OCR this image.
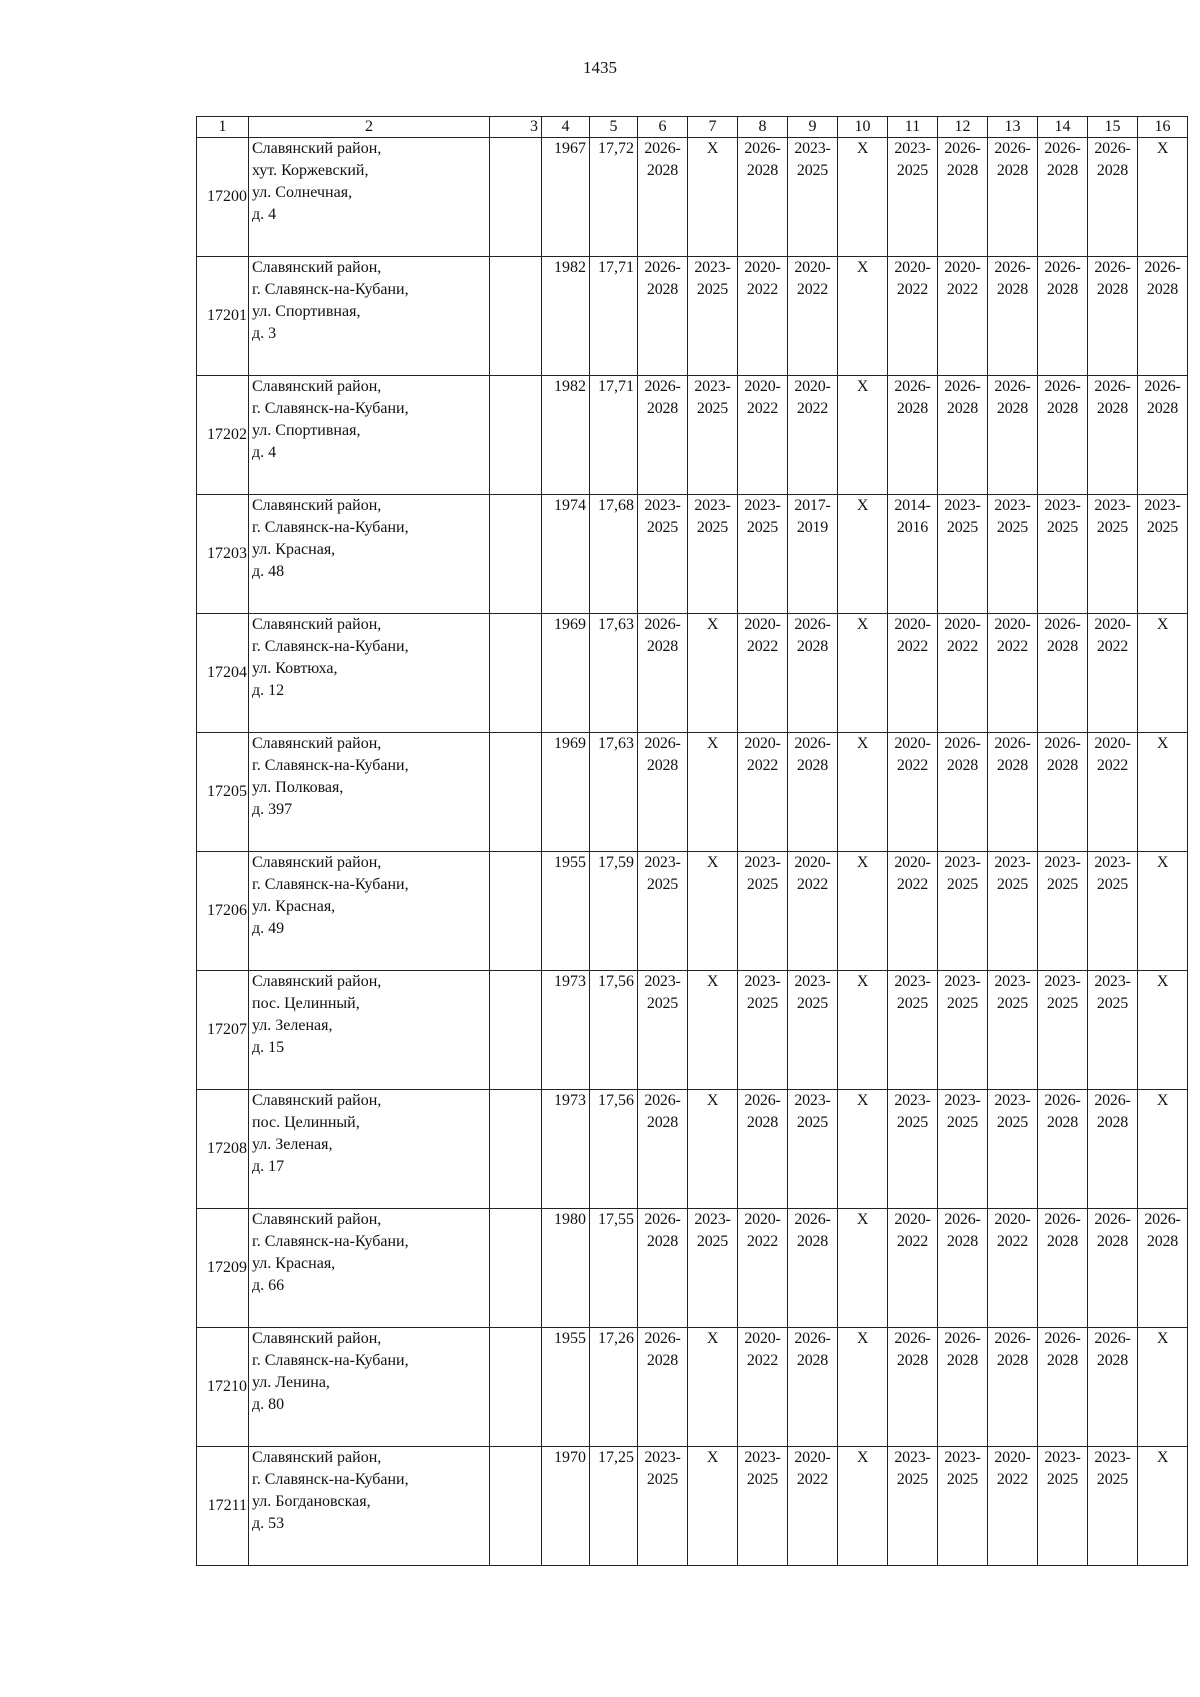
1435
1	2	3	4	5	6	7	8	9	10	11	12	13	14	15	16
17200	Славянский район,
хут. Коржевский,
ул. Солнечная,
д. 4		1967	17,72	2026-
2028	X	2026-
2028	2023-
2025	X	2023-
2025	2026-
2028	2026-
2028	2026-
2028	2026-
2028	X
17201	Славянский район,
г. Славянск-на-Кубани,
ул. Спортивная,
д. 3		1982	17,71	2026-
2028	2023-
2025	2020-
2022	2020-
2022	X	2020-
2022	2020-
2022	2026-
2028	2026-
2028	2026-
2028	2026-
2028
17202	Славянский район,
г. Славянск-на-Кубани,
ул. Спортивная,
д. 4		1982	17,71	2026-
2028	2023-
2025	2020-
2022	2020-
2022	X	2026-
2028	2026-
2028	2026-
2028	2026-
2028	2026-
2028	2026-
2028
17203	Славянский район,
г. Славянск-на-Кубани,
ул. Красная,
д. 48		1974	17,68	2023-
2025	2023-
2025	2023-
2025	2017-
2019	X	2014-
2016	2023-
2025	2023-
2025	2023-
2025	2023-
2025	2023-
2025
17204	Славянский район,
г. Славянск-на-Кубани,
ул. Ковтюха,
д. 12		1969	17,63	2026-
2028	X	2020-
2022	2026-
2028	X	2020-
2022	2020-
2022	2020-
2022	2026-
2028	2020-
2022	X
17205	Славянский район,
г. Славянск-на-Кубани,
ул. Полковая,
д. 397		1969	17,63	2026-
2028	X	2020-
2022	2026-
2028	X	2020-
2022	2026-
2028	2026-
2028	2026-
2028	2020-
2022	X
17206	Славянский район,
г. Славянск-на-Кубани,
ул. Красная,
д. 49		1955	17,59	2023-
2025	X	2023-
2025	2020-
2022	X	2020-
2022	2023-
2025	2023-
2025	2023-
2025	2023-
2025	X
17207	Славянский район,
пос. Целинный,
ул. Зеленая,
д. 15		1973	17,56	2023-
2025	X	2023-
2025	2023-
2025	X	2023-
2025	2023-
2025	2023-
2025	2023-
2025	2023-
2025	X
17208	Славянский район,
пос. Целинный,
ул. Зеленая,
д. 17		1973	17,56	2026-
2028	X	2026-
2028	2023-
2025	X	2023-
2025	2023-
2025	2023-
2025	2026-
2028	2026-
2028	X
17209	Славянский район,
г. Славянск-на-Кубани,
ул. Красная,
д. 66		1980	17,55	2026-
2028	2023-
2025	2020-
2022	2026-
2028	X	2020-
2022	2026-
2028	2020-
2022	2026-
2028	2026-
2028	2026-
2028
17210	Славянский район,
г. Славянск-на-Кубани,
ул. Ленина,
д. 80		1955	17,26	2026-
2028	X	2020-
2022	2026-
2028	X	2026-
2028	2026-
2028	2026-
2028	2026-
2028	2026-
2028	X
17211	Славянский район,
г. Славянск-на-Кубани,
ул. Богдановская,
д. 53		1970	17,25	2023-
2025	X	2023-
2025	2020-
2022	X	2023-
2025	2023-
2025	2020-
2022	2023-
2025	2023-
2025	X
